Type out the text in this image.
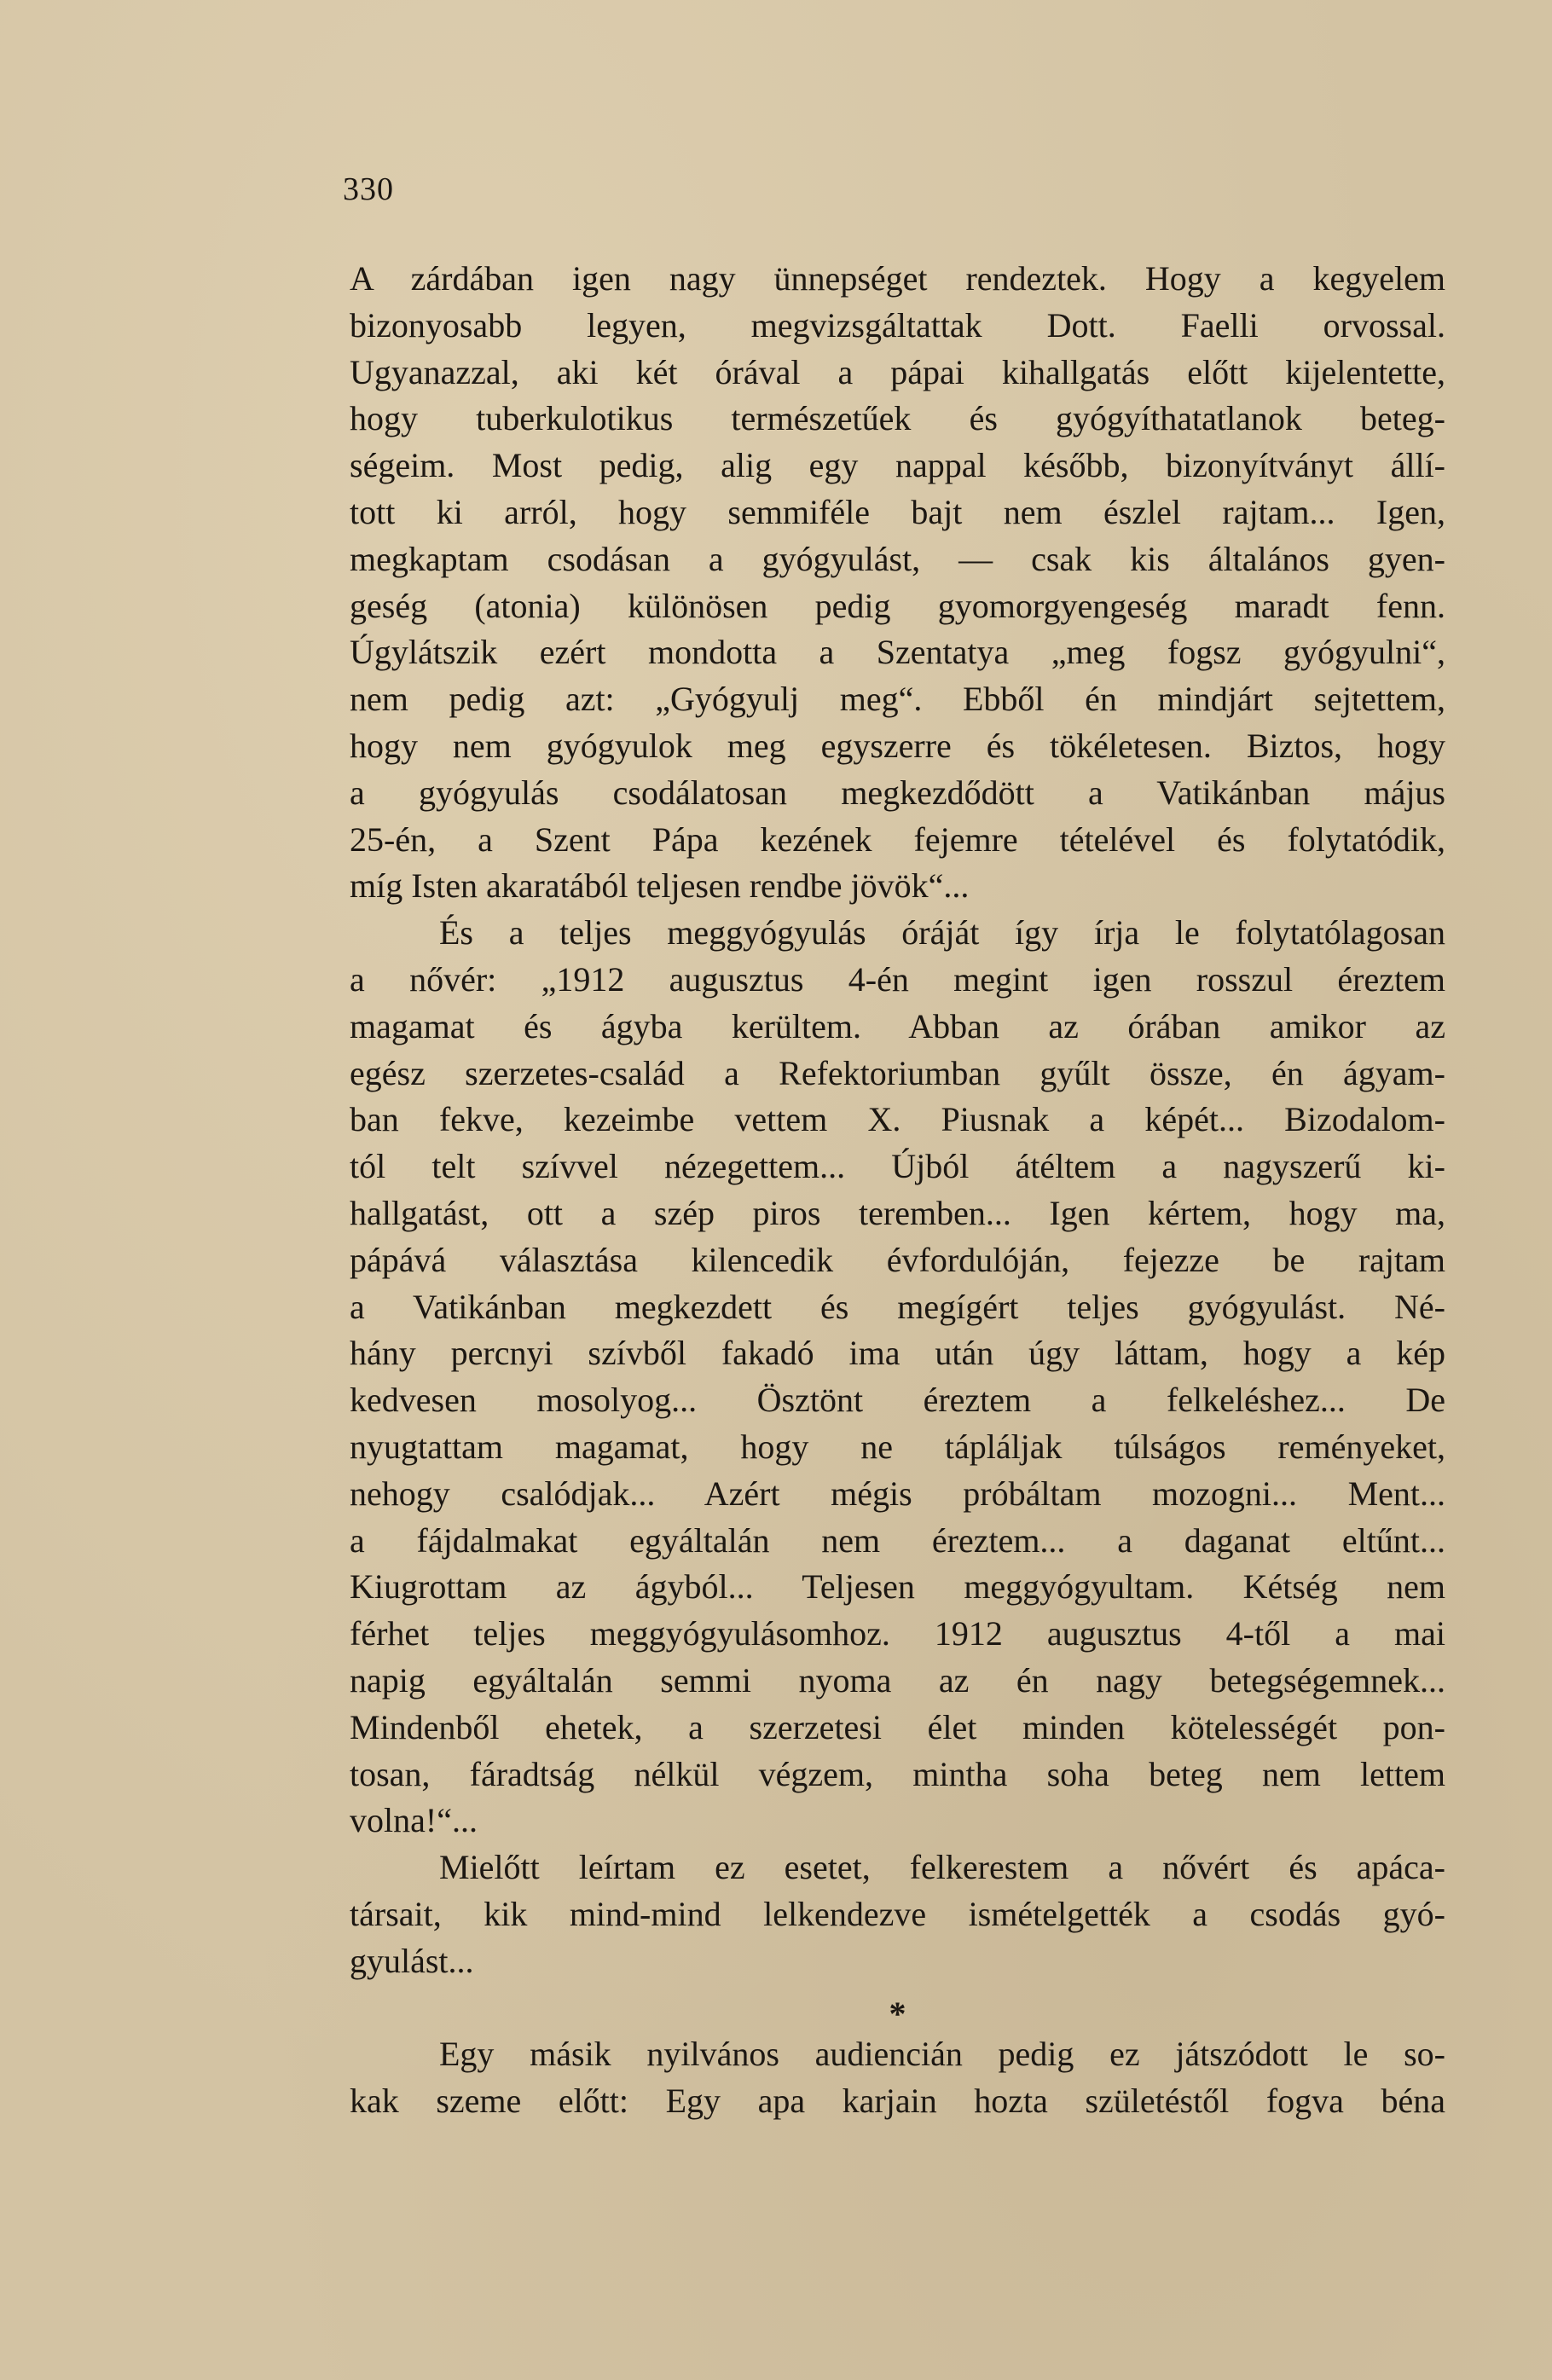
330
A zárdában igen nagy ünnepséget rendeztek. Hogy a kegyelem
bizonyosabb legyen, megvizsgáltattak Dott. Faelli orvossal.
Ugyanazzal, aki két órával a pápai kihallgatás előtt kijelentette,
hogy tuberkulotikus természetűek és gyógyíthatatlanok beteg-
ségeim. Most pedig, alig egy nappal később, bizonyítványt állí-
tott ki arról, hogy semmiféle bajt nem észlel rajtam... Igen,
megkaptam csodásan a gyógyulást, — csak kis általános gyen-
geség (atonia) különösen pedig gyomorgyengeség maradt fenn.
Úgylátszik ezért mondotta a Szentatya „meg fogsz gyógyulni“,
nem pedig azt: „Gyógyulj meg“. Ebből én mindjárt sejtettem,
hogy nem gyógyulok meg egyszerre és tökéletesen. Biztos, hogy
a gyógyulás csodálatosan megkezdődött a Vatikánban május
25-én, a Szent Pápa kezének fejemre tételével és folytatódik,
míg Isten akaratából teljesen rendbe jövök“...
És a teljes meggyógyulás óráját így írja le folytatólagosan
a nővér: „1912 augusztus 4-én megint igen rosszul éreztem
magamat és ágyba kerültem. Abban az órában amikor az
egész szerzetes-család a Refektoriumban gyűlt össze, én ágyam-
ban fekve, kezeimbe vettem X. Piusnak a képét... Bizodalom-
tól telt szívvel nézegettem... Újból átéltem a nagyszerű ki-
hallgatást, ott a szép piros teremben... Igen kértem, hogy ma,
pápává választása kilencedik évfordulóján, fejezze be rajtam
a Vatikánban megkezdett és megígért teljes gyógyulást. Né-
hány percnyi szívből fakadó ima után úgy láttam, hogy a kép
kedvesen mosolyog... Ösztönt éreztem a felkeléshez... De
nyugtattam magamat, hogy ne tápláljak túlságos reményeket,
nehogy csalódjak... Azért mégis próbáltam mozogni... Ment...
a fájdalmakat egyáltalán nem éreztem... a daganat eltűnt...
Kiugrottam az ágyból... Teljesen meggyógyultam. Kétség nem
férhet teljes meggyógyulásomhoz. 1912 augusztus 4-től a mai
napig egyáltalán semmi nyoma az én nagy betegségemnek...
Mindenből ehetek, a szerzetesi élet minden kötelességét pon-
tosan, fáradtság nélkül végzem, mintha soha beteg nem lettem
volna!“...
Mielőtt leírtam ez esetet, felkerestem a nővért és apáca-
társait, kik mind-mind lelkendezve ismételgették a csodás gyó-
gyulást...
*
Egy másik nyilvános audiencián pedig ez játszódott le so-
kak szeme előtt: Egy apa karjain hozta születéstől fogva béna
